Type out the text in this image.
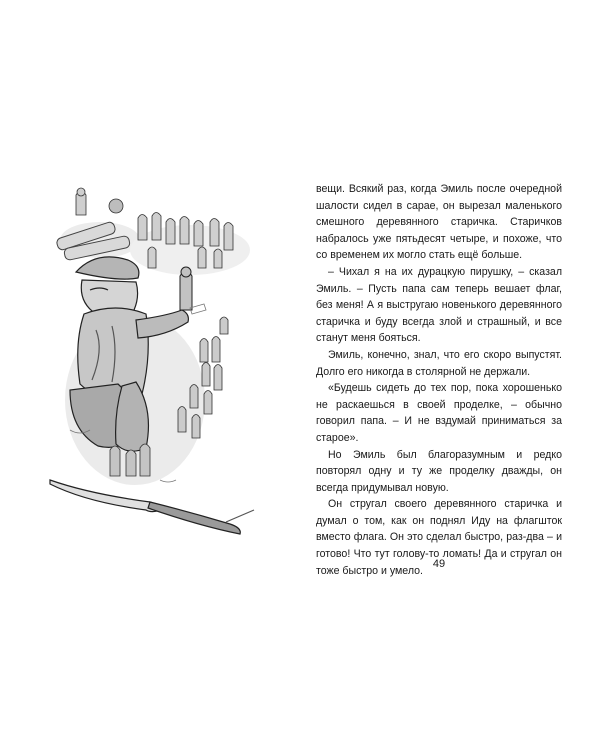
вещи. Всякий раз, когда Эмиль после очередной шалости сидел в сарае, он вырезал маленького смешного деревянного старичка. Старичков набралось уже пятьдесят четыре, и похоже, что со временем их могло стать ещё больше.

– Чихал я на их дурацкую пирушку, – сказал Эмиль. – Пусть папа сам теперь вешает флаг, без меня! А я выстругаю новенького деревянного старичка и буду всегда злой и страшный, и все станут меня бояться.

Эмиль, конечно, знал, что его скоро выпустят. Долго его никогда в столярной не держали.

«Будешь сидеть до тех пор, пока хорошенько не раскаешься в своей проделке, – обычно говорил папа. – И не вздумай приниматься за старое».

Но Эмиль был благоразумным и редко повторял одну и ту же проделку дважды, он всегда придумывал новую.

Он стругал своего деревянного старичка и думал о том, как он поднял Иду на флагшток вместо флага. Он это сделал быстро, раз-два – и готово! Что тут голову-то ломать! Да и стругал он тоже быстро и умело.

49
